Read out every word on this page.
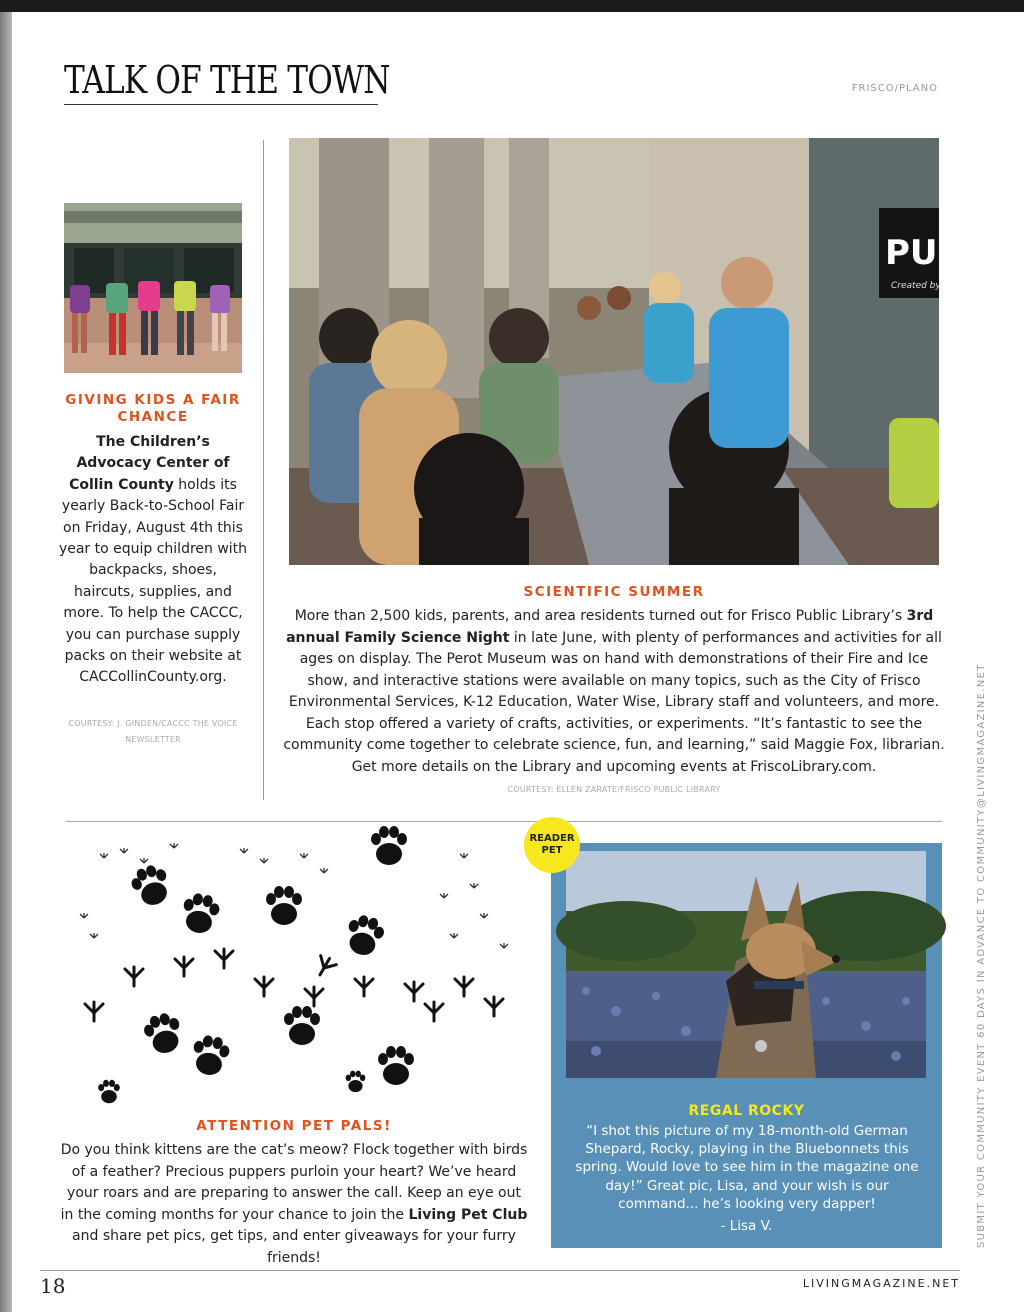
TALK OF THE TOWN	FRISCO/PLANO
GIVING KIDS A FAIR CHANCE
The Children’s Advocacy Center of Collin County holds its yearly Back-to-School Fair on Friday, August 4th this year to equip children with backpacks, shoes, haircuts, supplies, and more. To help the CACCC, you can purchase supply packs on their website at CACCollinCounty.org.
COURTESY: J. GINDEN/CACCC THE VOICE NEWSLETTER
PUR
Created by
SCIENTIFIC SUMMER
More than 2,500 kids, parents, and area residents turned out for Frisco Public Library’s 3rd annual Family Science Night in late June, with plenty of performances and activities for all ages on display. The Perot Museum was on hand with demonstrations of their Fire and Ice show, and interactive stations were available on many topics, such as the City of Frisco Environmental Services, K-12 Education, Water Wise, Library staff and volunteers, and more. Each stop offered a variety of crafts, activities, or experiments. “It’s fantastic to see the community come together to celebrate science, fun, and learning,” said Maggie Fox, librarian. Get more details on the Library and upcoming events at FriscoLibrary.com.
COURTESY: ELLEN ZARATE/FRISCO PUBLIC LIBRARY
ATTENTION PET PALS!
Do you think kittens are the cat’s meow? Flock together with birds of a feather? Precious puppers purloin your heart? We’ve heard your roars and are preparing to answer the call. Keep an eye out in the coming months for your chance to join the Living Pet Club and share pet pics, get tips, and enter giveaways for your furry friends!
READER
PET
REGAL ROCKY
“I shot this picture of my 18-month-old German Shepard, Rocky, playing in the Bluebonnets this spring. Would love to see him in the magazine one day!” Great pic, Lisa, and your wish is our command... he’s looking very dapper!
- Lisa V.	SUBMIT YOUR COMMUNITY EVENT 60 DAYS IN ADVANCE TO COMMUNITY@LIVINGMAGAZINE.NET
18	LIVINGMAGAZINE.NET
